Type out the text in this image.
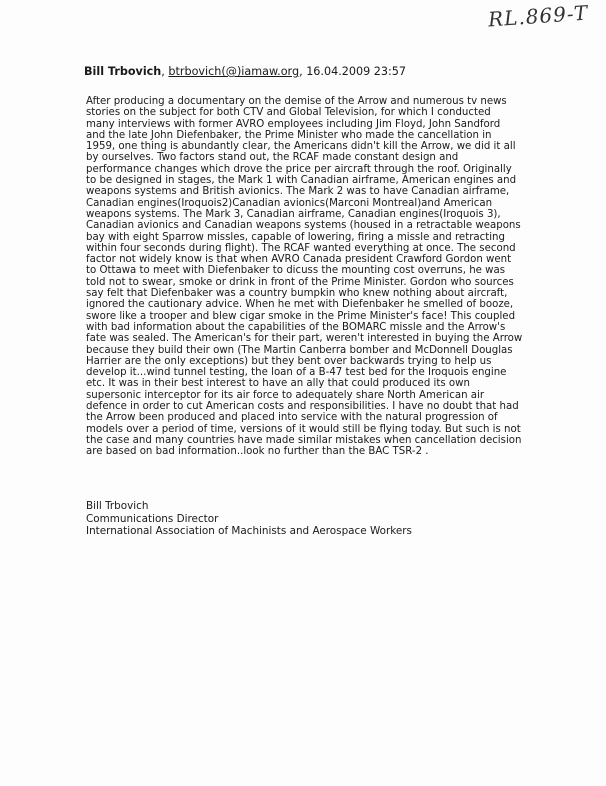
RL.869-T
Bill Trbovich, btrbovich(@)iamaw.org, 16.04.2009 23:57
After producing a documentary on the demise of the Arrow and numerous tv news
stories on the subject for both CTV and Global Television, for which I conducted
many interviews with former AVRO employees including Jim Floyd, John Sandford
and the late John Diefenbaker, the Prime Minister who made the cancellation in
1959, one thing is abundantly clear, the Americans didn't kill the Arrow, we did it all
by ourselves. Two factors stand out, the RCAF made constant design and
performance changes which drove the price per aircraft through the roof. Originally
to be designed in stages, the Mark 1 with Canadian airframe, American engines and
weapons systems and British avionics. The Mark 2 was to have Canadian airframe,
Canadian engines(Iroquois2)Canadian avionics(Marconi Montreal)and American
weapons systems. The Mark 3, Canadian airframe, Canadian engines(Iroquois 3),
Canadian avionics and Canadian weapons systems (housed in a retractable weapons
bay with eight Sparrow missles, capable of lowering, firing a missle and retracting
within four seconds during flight). The RCAF wanted everything at once. The second
factor not widely know is that when AVRO Canada president Crawford Gordon went
to Ottawa to meet with Diefenbaker to dicuss the mounting cost overruns, he was
told not to swear, smoke or drink in front of the Prime Minister. Gordon who sources
say felt that Diefenbaker was a country bumpkin who knew nothing about aircraft,
ignored the cautionary advice. When he met with Diefenbaker he smelled of booze,
swore like a trooper and blew cigar smoke in the Prime Minister's face! This coupled
with bad information about the capabilities of the BOMARC missle and the Arrow's
fate was sealed. The American's for their part, weren't interested in buying the Arrow
because they build their own (The Martin Canberra bomber and McDonnell Douglas
Harrier are the only exceptions) but they bent over backwards trying to help us
develop it...wind tunnel testing, the loan of a B-47 test bed for the Iroquois engine
etc. It was in their best interest to have an ally that could produced its own
supersonic interceptor for its air force to adequately share North American air
defence in order to cut American costs and responsibilities. I have no doubt that had
the Arrow been produced and placed into service with the natural progression of
models over a period of time, versions of it would still be flying today. But such is not
the case and many countries have made similar mistakes when cancellation decision
are based on bad information..look no further than the BAC TSR-2 .
Bill Trbovich
Communications Director
International Association of Machinists and Aerospace Workers
